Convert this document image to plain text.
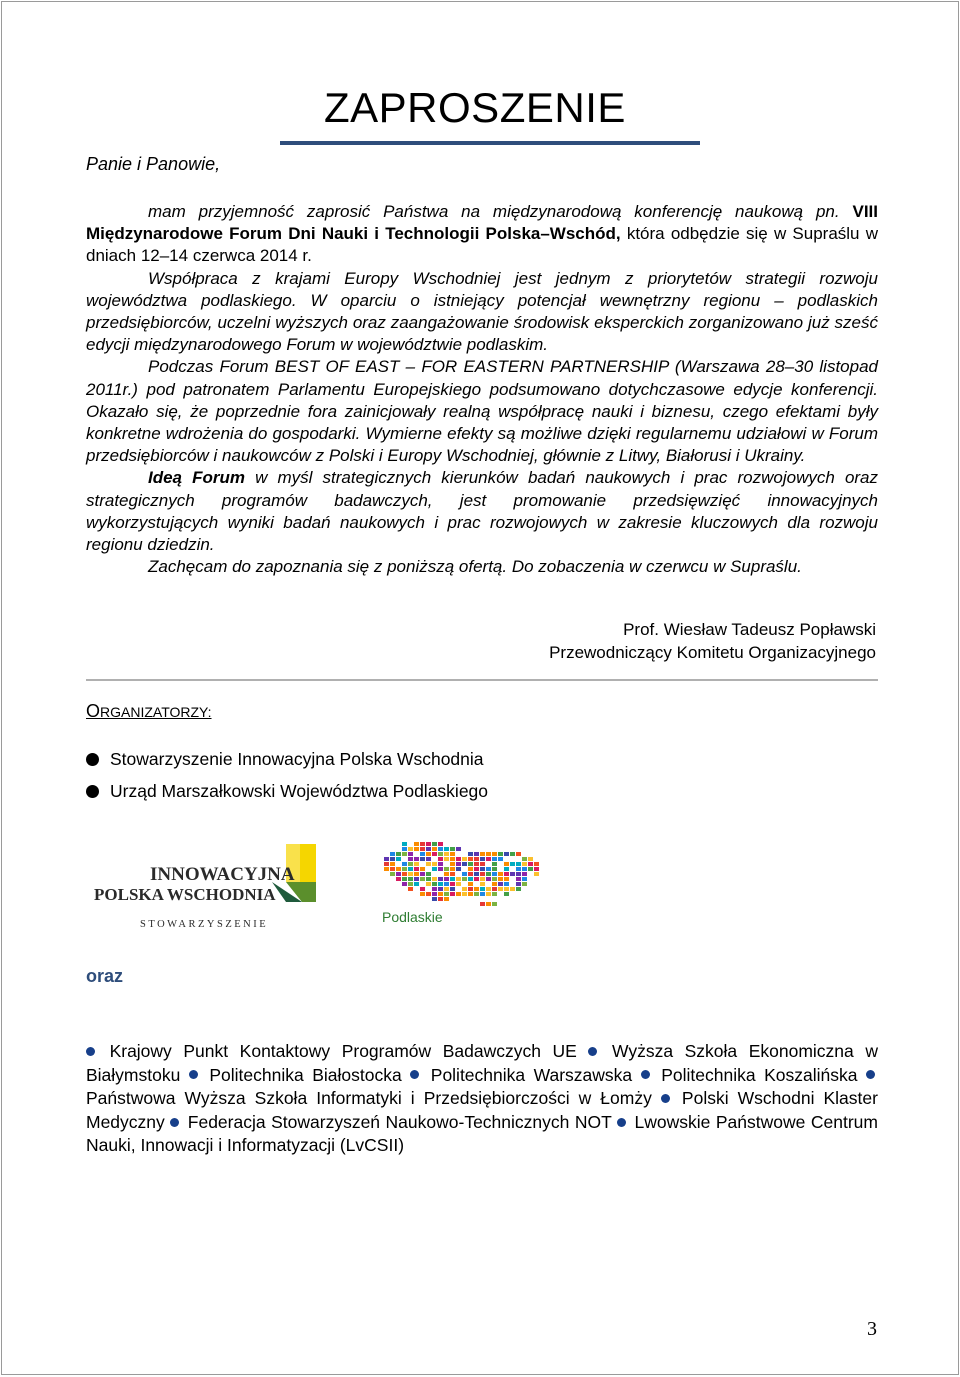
ZAPROSZENIE
Panie i Panowie,

mam przyjemność zaprosić Państwa na międzynarodową konferencję naukową pn. VIII Międzynarodowe Forum Dni Nauki i Technologii Polska–Wschód, która odbędzie się w Supraślu w dniach 12–14 czerwca 2014 r.

Współpraca z krajami Europy Wschodniej jest jednym z priorytetów strategii rozwoju województwa podlaskiego. W oparciu o istniejący potencjał wewnętrzny regionu – podlaskich przedsiębiorców, uczelni wyższych oraz zaangażowanie środowisk eksperckich zorganizowano już sześć edycji międzynarodowego Forum w województwie podlaskim.

Podczas Forum BEST OF EAST – FOR EASTERN PARTNERSHIP (Warszawa 28–30 listopad 2011r.) pod patronatem Parlamentu Europejskiego podsumowano dotychczasowe edycje konferencji. Okazało się, że poprzednie fora zainicjowały realną współpracę nauki i biznesu, czego efektami były konkretne wdrożenia do gospodarki. Wymierne efekty są możliwe dzięki regularnemu udziałowi w Forum przedsiębiorców i naukowców z Polski i Europy Wschodniej, głównie z Litwy, Białorusi i Ukrainy.

Ideą Forum w myśl strategicznych kierunków badań naukowych i prac rozwojowych oraz strategicznych programów badawczych, jest promowanie przedsięwzięć innowacyjnych wykorzystujących wyniki badań naukowych i prac rozwojowych w zakresie kluczowych dla rozwoju regionu dziedzin.

Zachęcam do zapoznania się z poniższą ofertą. Do zobaczenia w czerwcu w Supraślu.

Prof. Wiesław Tadeusz Popławski
Przewodniczący Komitetu Organizacyjnego
ORGANIZATORZY:
Stowarzyszenie Innowacyjna Polska Wschodnia
Urząd Marszałkowski Województwa Podlaskiego
INNOWACYJNA
POLSKA WSCHODNIA
STOWARZYSZENIE	Podlaskie
oraz
Krajowy Punkt Kontaktowy Programów Badawczych UE Wyższa Szkoła Ekonomiczna w Białymstoku Politechnika Białostocka Politechnika Warszawska Politechnika Koszalińska  Państwowa Wyższa Szkoła Informatyki i Przedsiębiorczości w Łomży Polski Wschodni Klaster Medyczny Federacja Stowarzyszeń Naukowo-Technicznych NOT Lwowskie Państwowe Centrum Nauki, Innowacji i Informatyzacji (LvCSII)
3
